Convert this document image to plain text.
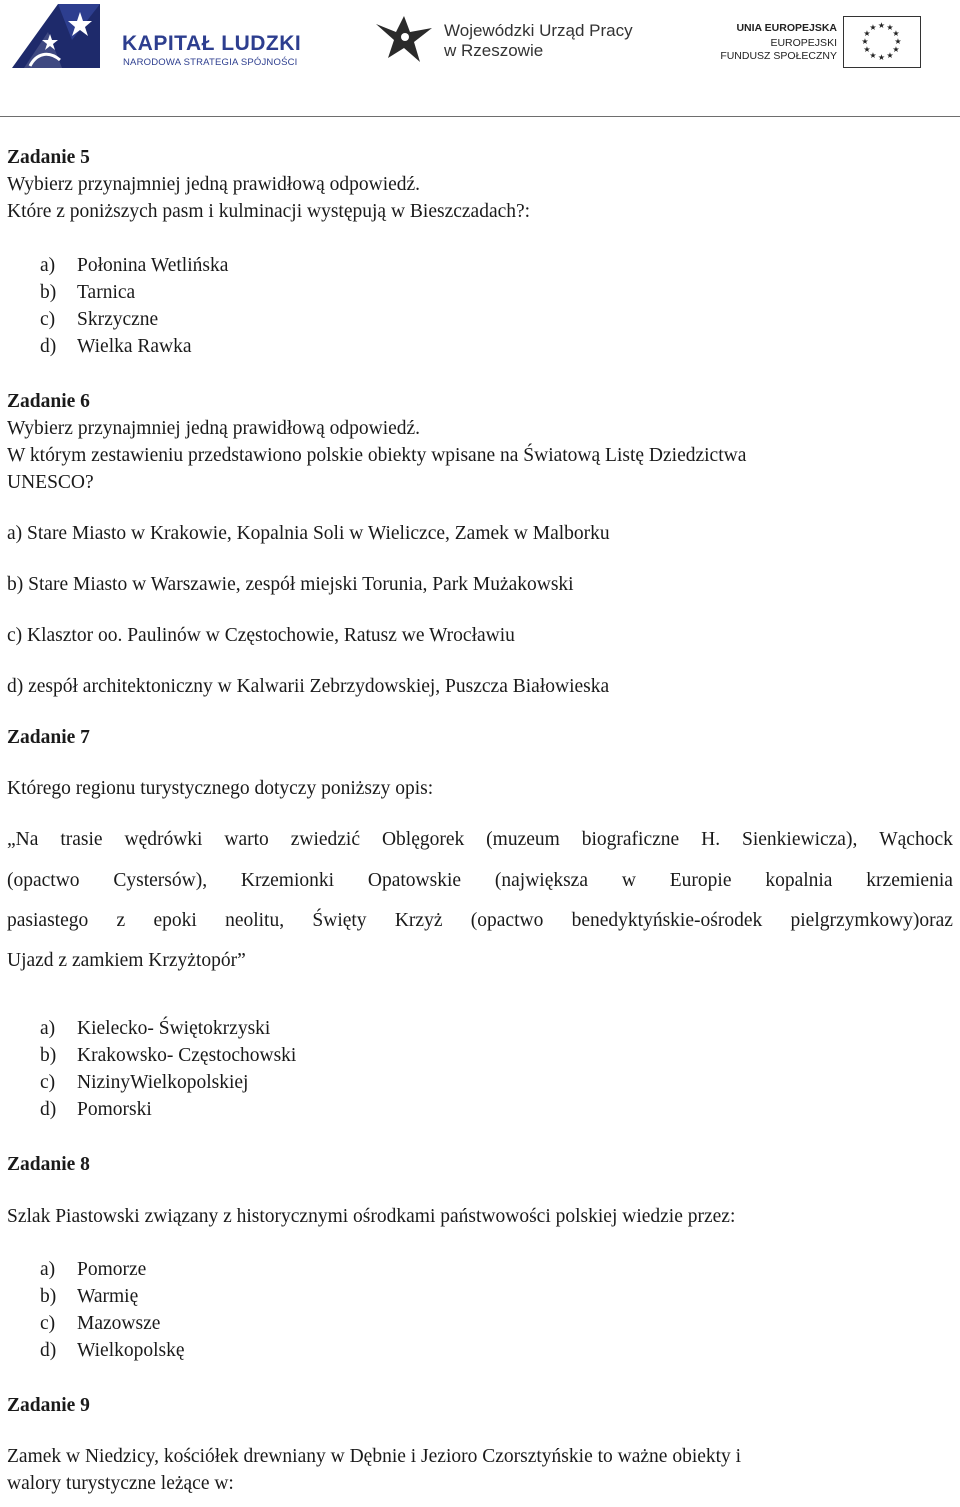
KAPITAŁ LUDZKI
NARODOWA STRATEGIA SPÓJNOŚCI
Wojewódzki Urząd Pracy
w Rzeszowie
UNIA EUROPEJSKA
EUROPEJSKI
FUNDUSZ SPOŁECZNY
★ ★
★
★
★
★
★
★
★
★
★
★
Zadanie 5
Wybierz przynajmniej jedną prawidłową odpowiedź.
Które z poniższych pasm i kulminacji występują w Bieszczadach?:
a) Połonina Wetlińska
b) Tarnica
c) Skrzyczne
d) Wielka Rawka
Zadanie 6
Wybierz przynajmniej jedną prawidłową odpowiedź.
W którym zestawieniu przedstawiono polskie obiekty wpisane na Światową Listę Dziedzictwa
UNESCO?
a) Stare Miasto w Krakowie, Kopalnia Soli w Wieliczce, Zamek w Malborku
b) Stare Miasto w Warszawie, zespół miejski Torunia, Park Mużakowski
c) Klasztor oo. Paulinów w Częstochowie, Ratusz we Wrocławiu
d) zespół architektoniczny w Kalwarii Zebrzydowskiej, Puszcza Białowieska
Zadanie 7
Którego regionu turystycznego dotyczy poniższy opis:
„Na trasie wędrówki warto zwiedzić Oblęgorek (muzeum biograficzne H. Sienkiewicza), Wąchock
(opactwo Cystersów), Krzemionki Opatowskie (największa w Europie kopalnia krzemienia
pasiastego z epoki neolitu, Święty Krzyż (opactwo benedyktyńskie-ośrodek pielgrzymkowy)oraz
Ujazd z zamkiem Krzyżtopór”
a) Kielecko- Świętokrzyski
b) Krakowsko- Częstochowski
c) NizinyWielkopolskiej
d) Pomorski
Zadanie 8
Szlak Piastowski związany z historycznymi ośrodkami państwowości polskiej wiedzie przez:
a) Pomorze
b) Warmię
c) Mazowsze
d) Wielkopolskę
Zadanie 9
Zamek w Niedzicy, kościółek drewniany w Dębnie i Jezioro Czorsztyńskie to ważne obiekty i
walory turystyczne leżące w:
